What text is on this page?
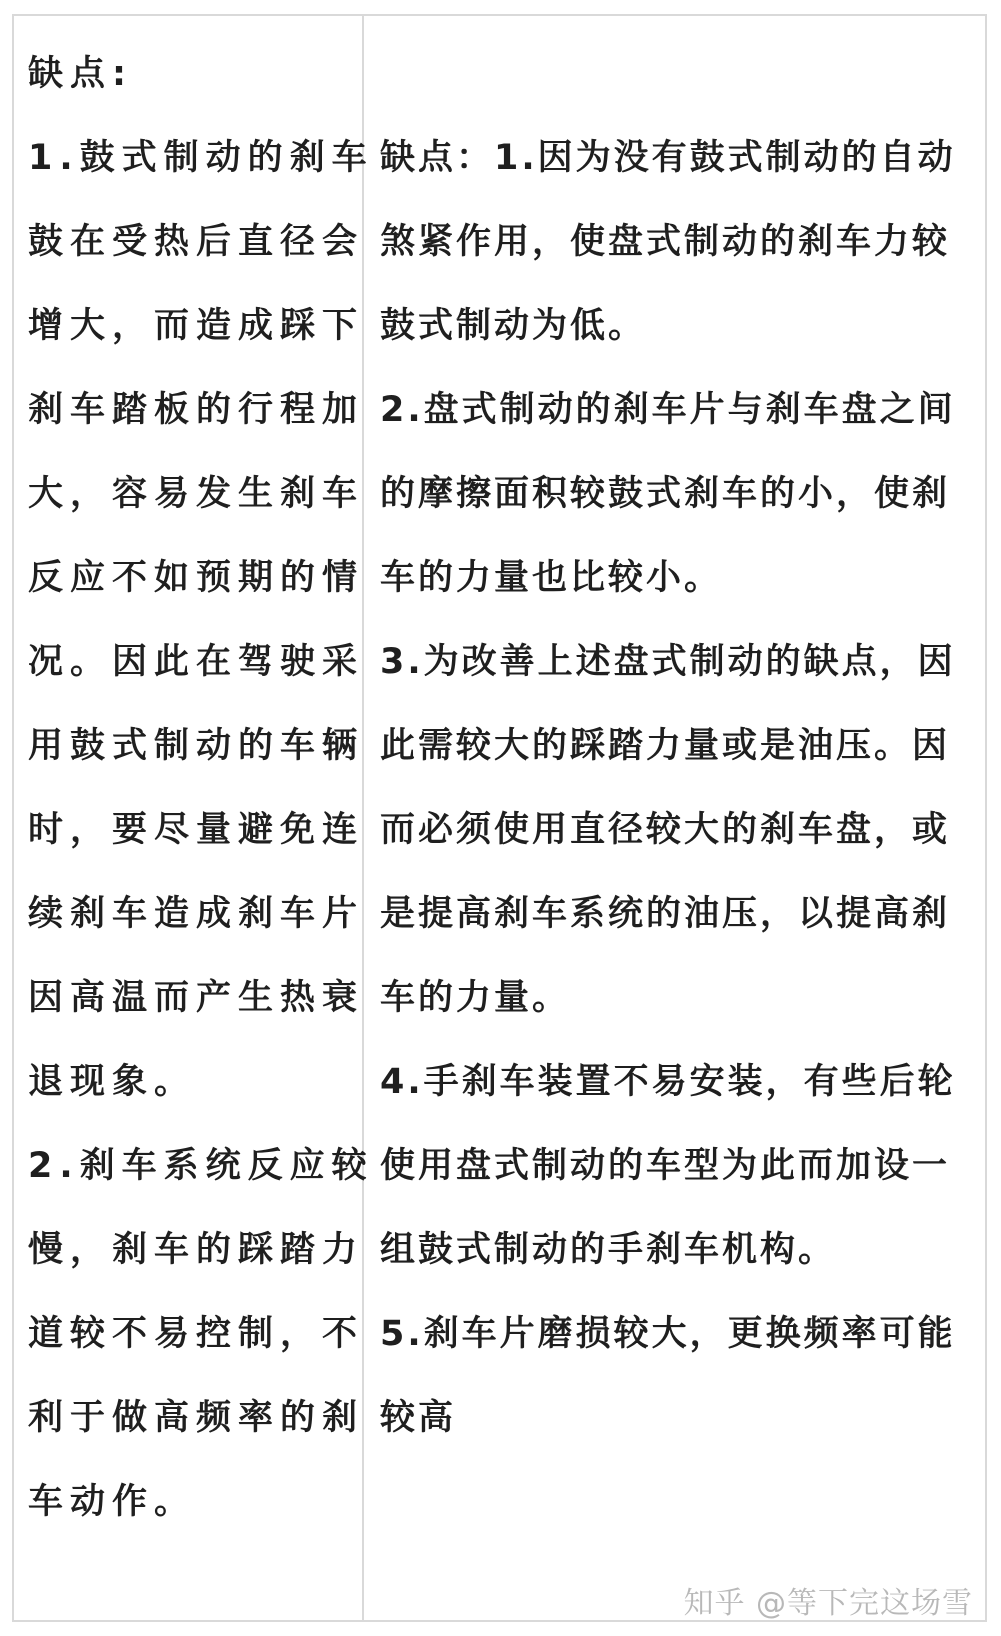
缺点:

1.鼓式制动的刹车

鼓在受热后直径会

增大，而造成踩下

刹车踏板的行程加

大，容易发生刹车

反应不如预期的情

况。因此在驾驶采

用鼓式制动的车辆

时，要尽量避免连

续刹车造成刹车片

因高温而产生热衰

退现象。

2.刹车系统反应较

慢，刹车的踩踏力

道较不易控制，不

利于做高频率的刹

车动作。

缺点：1.因为没有鼓式制动的自动

煞紧作用，使盘式制动的刹车力较

鼓式制动为低。

2.盘式制动的刹车片与刹车盘之间

的摩擦面积较鼓式刹车的小，使刹

车的力量也比较小。

3.为改善上述盘式制动的缺点，因

此需较大的踩踏力量或是油压。因

而必须使用直径较大的刹车盘，或

是提高刹车系统的油压，以提高刹

车的力量。

4.手刹车装置不易安装，有些后轮

使用盘式制动的车型为此而加设一

组鼓式制动的手刹车机构。

5.刹车片磨损较大，更换频率可能

较高

知乎 @等下完这场雪
